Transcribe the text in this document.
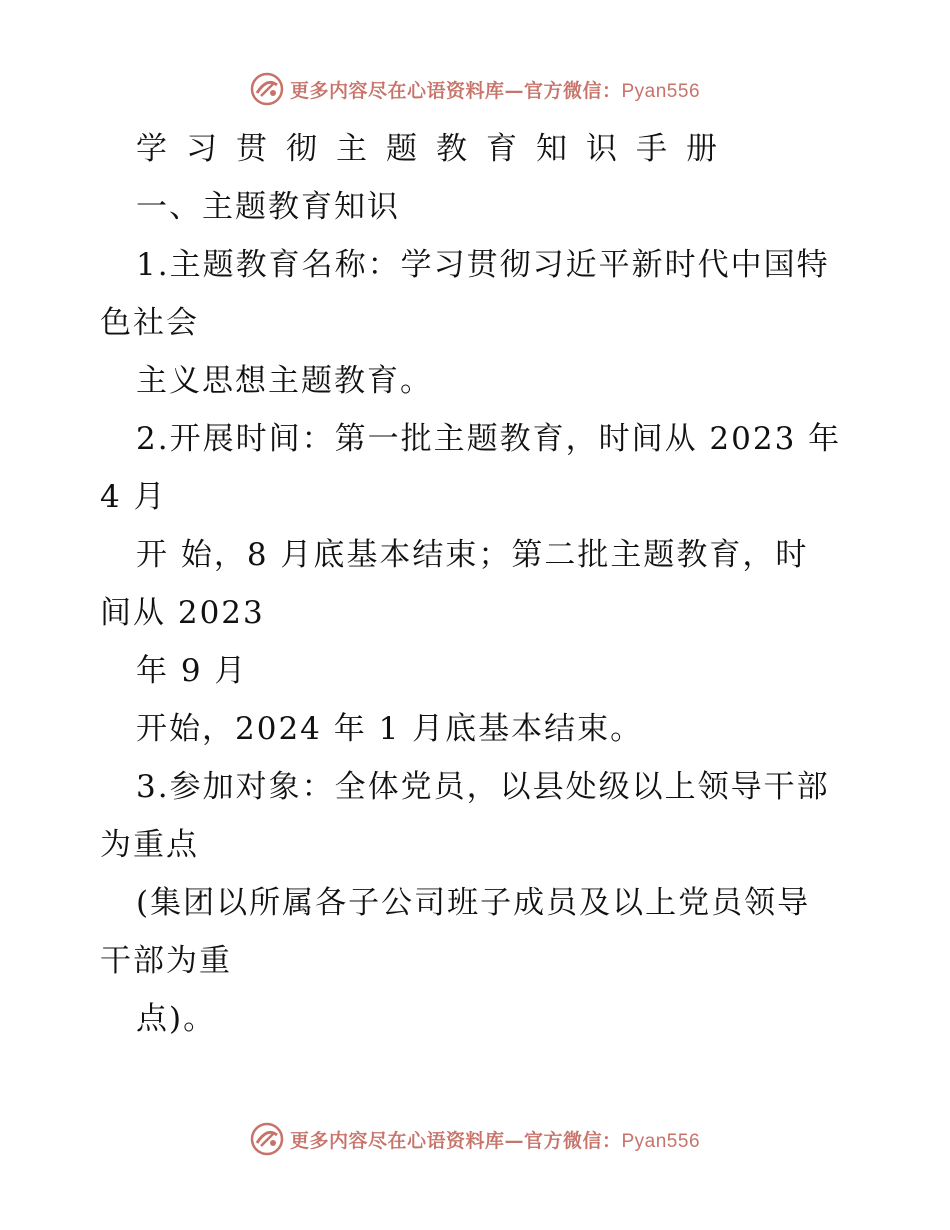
更多内容尽在心语资料库—官方微信：Pyan556
学习贯彻主题教育知识手册
一、主题教育知识
1.主题教育名称：学习贯彻习近平新时代中国特
色社会
主义思想主题教育。
2.开展时间：第一批主题教育，时间从 2023 年
4 月
开 始，8 月底基本结束；第二批主题教育，时
间从 2023
年 9 月
开始，2024 年 1 月底基本结束。
3.参加对象：全体党员，以县处级以上领导干部
为重点
(集团以所属各子公司班子成员及以上党员领导
干部为重
点)。
更多内容尽在心语资料库—官方微信：Pyan556
